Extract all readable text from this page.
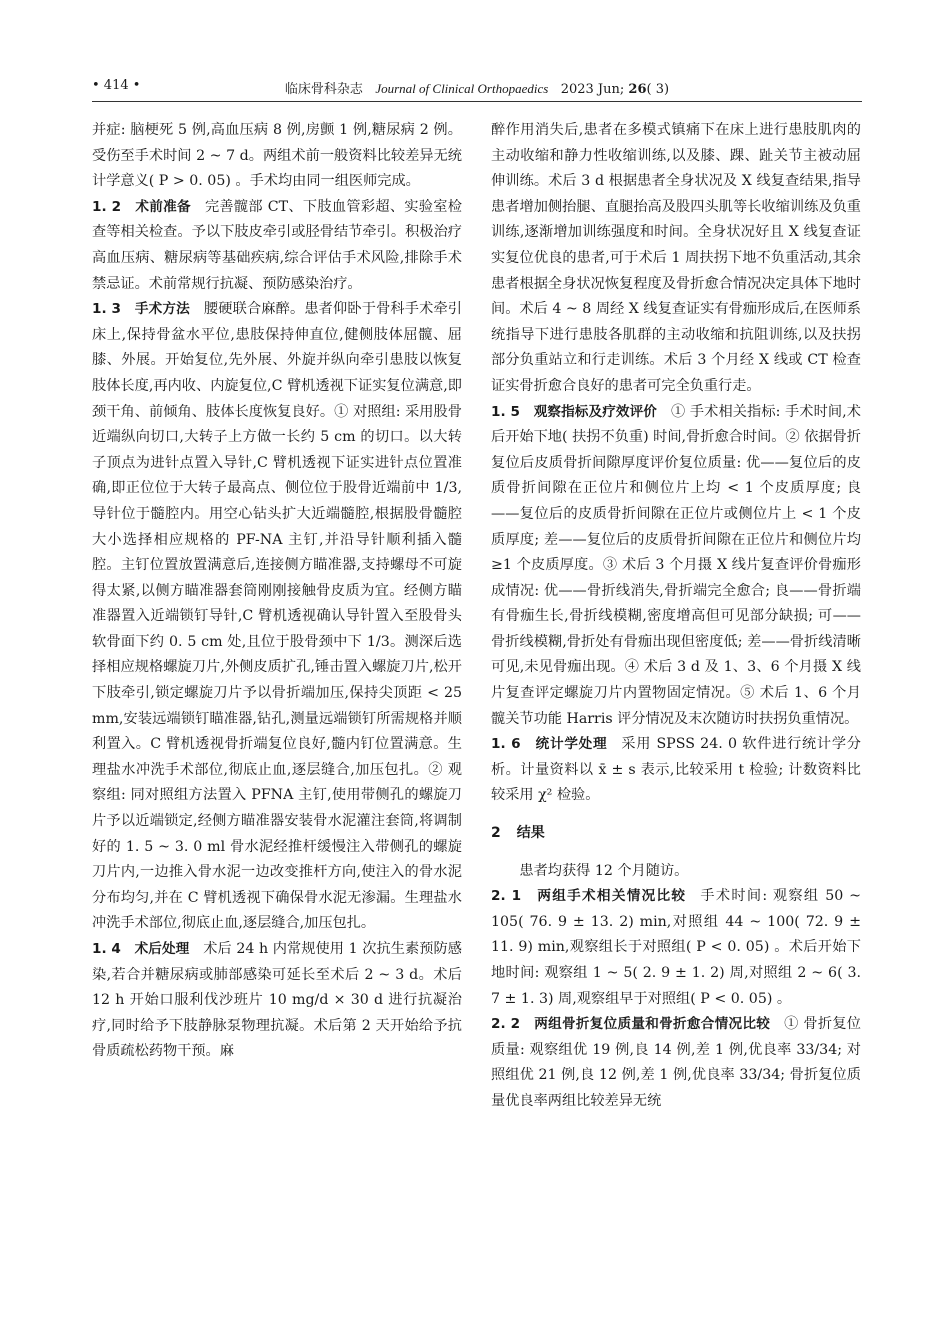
• 414 •	临床骨科杂志 Journal of Clinical Orthopaedics 2023 Jun; 26( 3)

并症: 脑梗死 5 例,高血压病 8 例,房颤 1 例,糖尿病 2 例。受伤至手术时间 2 ~ 7 d。两组术前一般资料比较差异无统计学意义( P > 0. 05) 。手术均由同一组医师完成。

1. 2　术前准备 完善髋部 CT、下肢血管彩超、实验室检查等相关检查。予以下肢皮牵引或胫骨结节牵引。积极治疗高血压病、糖尿病等基础疾病,综合评估手术风险,排除手术禁忌证。术前常规行抗凝、预防感染治疗。

1. 3　手术方法 腰硬联合麻醉。患者仰卧于骨科手术牵引床上,保持骨盆水平位,患肢保持伸直位,健侧肢体屈髋、屈膝、外展。开始复位,先外展、外旋并纵向牵引患肢以恢复肢体长度,再内收、内旋复位,C 臂机透视下证实复位满意,即颈干角、前倾角、肢体长度恢复良好。① 对照组: 采用股骨近端纵向切口,大转子上方做一长约 5 cm 的切口。以大转子顶点为进针点置入导针,C 臂机透视下证实进针点位置准确,即正位位于大转子最高点、侧位位于股骨近端前中 1/3,导针位于髓腔内。用空心钻头扩大近端髓腔,根据股骨髓腔大小选择相应规格的 PF-NA 主钉,并沿导针顺利插入髓腔。主钉位置放置满意后,连接侧方瞄准器,支持螺母不可旋得太紧,以侧方瞄准器套筒刚刚接触骨皮质为宜。经侧方瞄准器置入近端锁钉导针,C 臂机透视确认导针置入至股骨头软骨面下约 0. 5 cm 处,且位于股骨颈中下 1/3。测深后选择相应规格螺旋刀片,外侧皮质扩孔,锤击置入螺旋刀片,松开下肢牵引,锁定螺旋刀片予以骨折端加压,保持尖顶距 < 25 mm,安装远端锁钉瞄准器,钻孔,测量远端锁钉所需规格并顺利置入。C 臂机透视骨折端复位良好,髓内钉位置满意。生理盐水冲洗手术部位,彻底止血,逐层缝合,加压包扎。② 观察组: 同对照组方法置入 PFNA 主钉,使用带侧孔的螺旋刀片予以近端锁定,经侧方瞄准器安装骨水泥灌注套筒,将调制好的 1. 5 ~ 3. 0 ml 骨水泥经推杆缓慢注入带侧孔的螺旋刀片内,一边推入骨水泥一边改变推杆方向,使注入的骨水泥分布均匀,并在 C 臂机透视下确保骨水泥无渗漏。生理盐水冲洗手术部位,彻底止血,逐层缝合,加压包扎。

1. 4　术后处理 术后 24 h 内常规使用 1 次抗生素预防感染,若合并糖尿病或肺部感染可延长至术后 2 ~ 3 d。术后 12 h 开始口服利伐沙班片 10 mg/d × 30 d 进行抗凝治疗,同时给予下肢静脉泵物理抗凝。术后第 2 天开始给予抗骨质疏松药物干预。麻

醉作用消失后,患者在多模式镇痛下在床上进行患肢肌肉的主动收缩和静力性收缩训练,以及膝、踝、趾关节主被动屈伸训练。术后 3 d 根据患者全身状况及 X 线复查结果,指导患者增加侧抬腿、直腿抬高及股四头肌等长收缩训练及负重训练,逐渐增加训练强度和时间。全身状况好且 X 线复查证实复位优良的患者,可于术后 1 周扶拐下地不负重活动,其余患者根据全身状况恢复程度及骨折愈合情况决定具体下地时间。术后 4 ~ 8 周经 X 线复查证实有骨痂形成后,在医师系统指导下进行患肢各肌群的主动收缩和抗阻训练,以及扶拐部分负重站立和行走训练。术后 3 个月经 X 线或 CT 检查证实骨折愈合良好的患者可完全负重行走。

1. 5　观察指标及疗效评价 ① 手术相关指标: 手术时间,术后开始下地( 扶拐不负重) 时间,骨折愈合时间。② 依据骨折复位后皮质骨折间隙厚度评价复位质量: 优——复位后的皮质骨折间隙在正位片和侧位片上均 < 1 个皮质厚度; 良——复位后的皮质骨折间隙在正位片或侧位片上 < 1 个皮质厚度; 差——复位后的皮质骨折间隙在正位片和侧位片均≥1 个皮质厚度。③ 术后 3 个月摄 X 线片复查评价骨痂形成情况: 优——骨折线消失,骨折端完全愈合; 良——骨折端有骨痂生长,骨折线模糊,密度增高但可见部分缺损; 可——骨折线模糊,骨折处有骨痂出现但密度低; 差——骨折线清晰可见,未见骨痂出现。④ 术后 3 d 及 1、3、6 个月摄 X 线片复查评定螺旋刀片内置物固定情况。⑤ 术后 1、6 个月髋关节功能 Harris 评分情况及末次随访时扶拐负重情况。

1. 6　统计学处理 采用 SPSS 24. 0 软件进行统计学分析。计量资料以 x̄ ± s 表示,比较采用 t 检验; 计数资料比较采用 χ² 检验。

2 结果

患者均获得 12 个月随访。

2. 1　两组手术相关情况比较 手术时间: 观察组 50 ~ 105( 76. 9 ± 13. 2) min,对照组 44 ~ 100( 72. 9 ± 11. 9) min,观察组长于对照组( P < 0. 05) 。术后开始下地时间: 观察组 1 ~ 5( 2. 9 ± 1. 2) 周,对照组 2 ~ 6( 3. 7 ± 1. 3) 周,观察组早于对照组( P < 0. 05) 。

2. 2　两组骨折复位质量和骨折愈合情况比较 ① 骨折复位质量: 观察组优 19 例,良 14 例,差 1 例,优良率 33/34; 对照组优 21 例,良 12 例,差 1 例,优良率 33/34; 骨折复位质量优良率两组比较差异无统
